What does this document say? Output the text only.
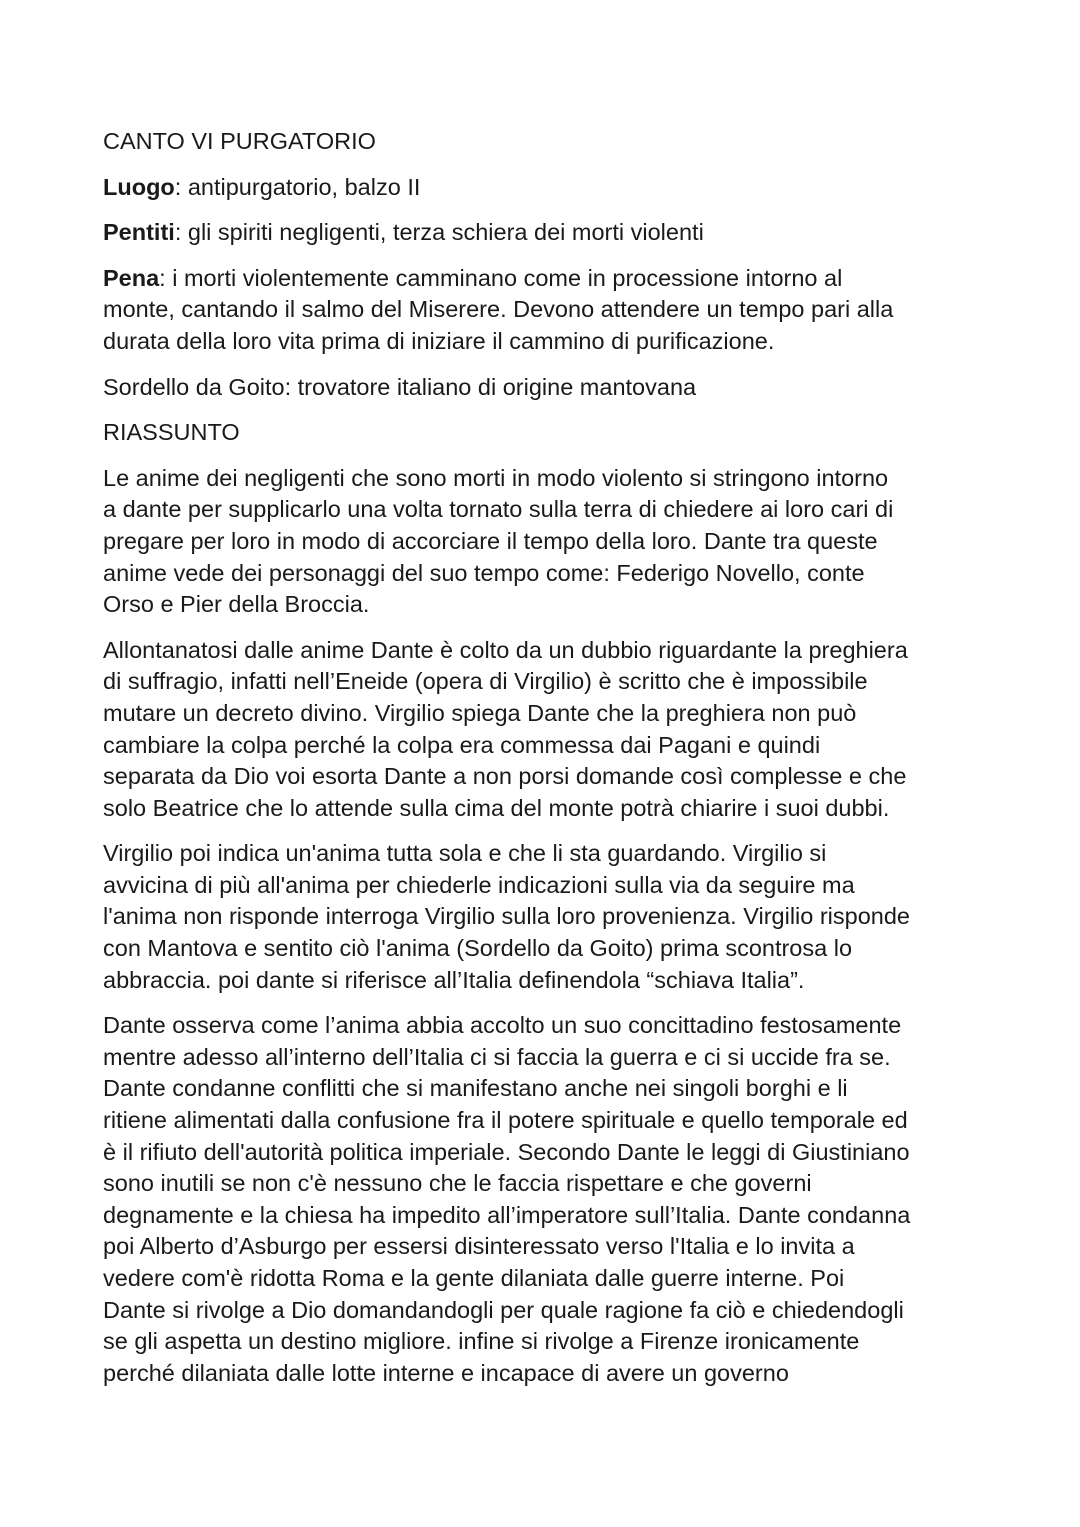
CANTO VI PURGATORIO
Luogo: antipurgatorio, balzo II
Pentiti: gli spiriti negligenti, terza schiera dei morti violenti
Pena: i morti violentemente camminano come in processione intorno al
monte, cantando il salmo del Miserere. Devono attendere un tempo pari alla
durata della loro vita prima di iniziare il cammino di purificazione.
Sordello da Goito: trovatore italiano di origine mantovana
RIASSUNTO
Le anime dei negligenti che sono morti in modo violento si stringono intorno
a dante per supplicarlo una volta tornato sulla terra di chiedere ai loro cari di
pregare per loro in modo di accorciare il tempo della loro. Dante tra queste
anime vede dei personaggi del suo tempo come: Federigo Novello, conte
Orso e Pier della Broccia.
Allontanatosi dalle anime Dante è colto da un dubbio riguardante la preghiera
di suffragio, infatti nell’Eneide (opera di Virgilio) è scritto che è impossibile
mutare un decreto divino. Virgilio spiega Dante che la preghiera non può
cambiare la colpa perché la colpa era commessa dai Pagani e quindi
separata da Dio voi esorta Dante a non porsi domande così complesse e che
solo Beatrice che lo attende sulla cima del monte potrà chiarire i suoi dubbi.
Virgilio poi indica un'anima tutta sola e che li sta guardando. Virgilio si
avvicina di più all'anima per chiederle indicazioni sulla via da seguire ma
l'anima non risponde interroga Virgilio sulla loro provenienza. Virgilio risponde
con Mantova e sentito ciò l'anima (Sordello da Goito) prima scontrosa lo
abbraccia. poi dante si riferisce all’Italia definendola “schiava Italia”.
Dante osserva come l’anima abbia accolto un suo concittadino festosamente
mentre adesso all’interno dell’Italia ci si faccia la guerra e ci si uccide fra se.
Dante condanne conflitti che si manifestano anche nei singoli borghi e li
ritiene alimentati dalla confusione fra il potere spirituale e quello temporale ed
è il rifiuto dell'autorità politica imperiale. Secondo Dante le leggi di Giustiniano
sono inutili se non c'è nessuno che le faccia rispettare e che governi
degnamente e la chiesa ha impedito all’imperatore sull’Italia. Dante condanna
poi Alberto d’Asburgo per essersi disinteressato verso l'Italia e lo invita a
vedere com'è ridotta Roma e la gente dilaniata dalle guerre interne. Poi
Dante si rivolge a Dio domandandogli per quale ragione fa ciò e chiedendogli
se gli aspetta un destino migliore. infine si rivolge a Firenze ironicamente
perché dilaniata dalle lotte interne e incapace di avere un governo
